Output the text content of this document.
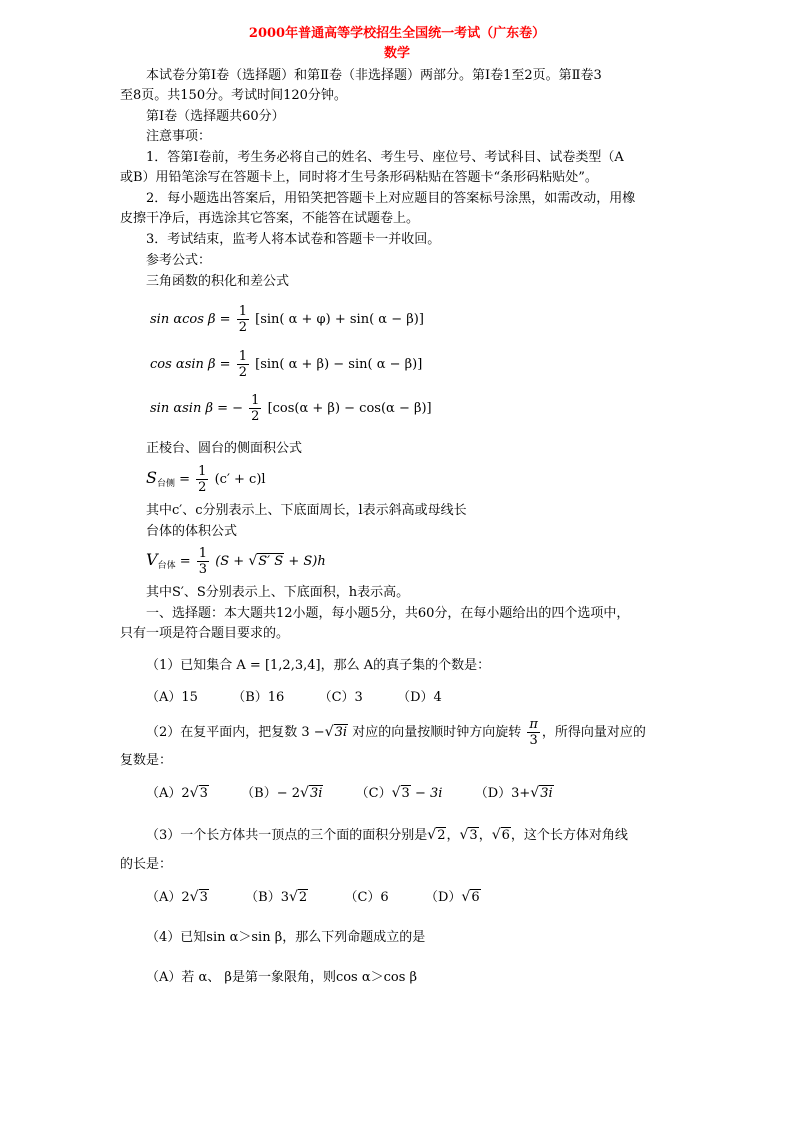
2000年普通高等学校招生全国统一考试（广东卷）
数学
本试卷分第Ⅰ卷（选择题）和第Ⅱ卷（非选择题）两部分。第Ⅰ卷1至2页。第Ⅱ卷3
至8页。共150分。考试时间120分钟。
第Ⅰ卷（选择题共60分）
注意事项：
1．答第Ⅰ卷前，考生务必将自己的姓名、考生号、座位号、考试科目、试卷类型（A
或B）用铅笔涂写在答题卡上，同时将才生号条形码粘贴在答题卡“条形码粘贴处”。
2．每小题选出答案后，用铅笑把答题卡上对应题目的答案标号涂黑，如需改动，用橡
皮擦干净后，再选涂其它答案，不能答在试题卷上。
3．考试结束，监考人将本试卷和答题卡一并收回。
参考公式：
三角函数的积化和差公式
sin αcos $\beta = \frac{1}{2} [\sin$( α + φ) + sin( α − β)]
cos αsin $\beta = \frac{1}{2} [\sin$( α + β) − sin( α − β)]
sin αsin β = − $\frac{1}{2} [\cos(\alpha + \beta) - \cos(\alpha - \beta)]$
正棱台、圆台的侧面积公式
$S_{台侧} = \frac{1}{2} (c' + c)l$
其中c′、c分别表示上、下底面周长，l表示斜高或母线长
台体的体积公式
$V_{台体} = \frac{1}{3} (S + √S'$ S + S)h
其中S′、S分别表示上、下底面积，h表示高。
一、选择题：本大题共12小题，每小题5分，共60分，在每小题给出的四个选项中，
只有一项是符合题目要求的。
（1）已知集合 A = [1,2,3,4]，那么 A的真子集的个数是：
（A）15	（B）16	（C）3	（D）4
（2）在复平面内，把复数 3 −√3i 对应的向量按顺时钟方向旋转 $\frac{\pi}{3}$ ，所得向量对应的
复数是：
（A）2√3	（B）− 2√3i	（C）√3 − 3i （D）3+√3i
（3）一个长方体共一顶点的三个面的面积分别是√2，√3，√6，这个长方体对角线
的长是：
（A）2√3	（B）3√2	（C）6	（D）√6
（4）已知sin α＞sin β，那么下列命题成立的是
（A）若 α、 β是第一象限角，则cos α＞cos β
